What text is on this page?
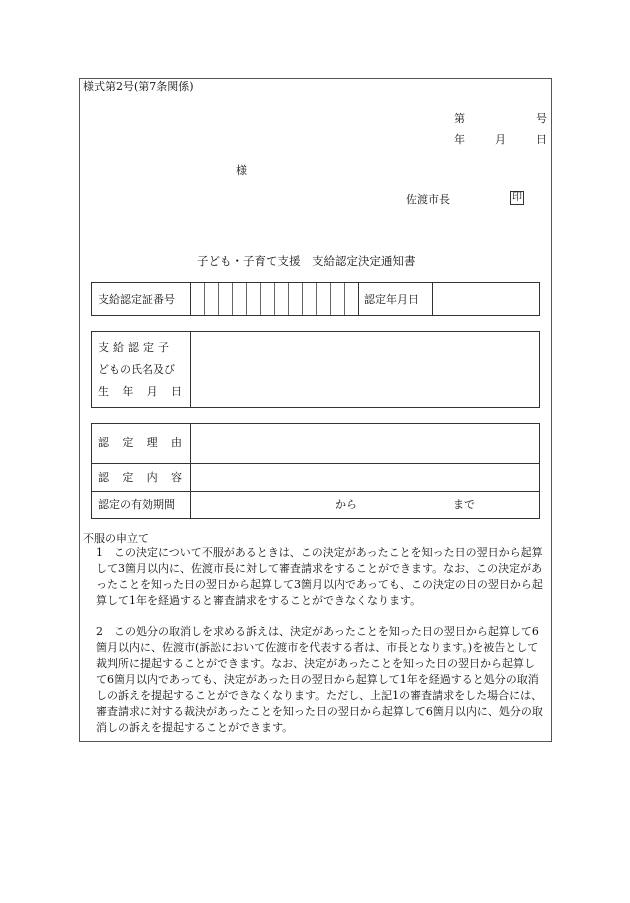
様式第2号(第7条関係)
第	号
年	月	日
様
佐渡市長	印
子ども・子育て支援　支給認定決定通知書
支給認定証番号	認定年月日
支給認定子
どもの氏名及び
生 年 月 日
認 定 理 由
認 定 内 容
認定の有効期間	から	まで
不服の申立て
1　この決定について不服があるときは、この決定があったことを知った日の翌日から起算して3箇月以内に、佐渡市長に対して審査請求をすることができます。なお、この決定があったことを知った日の翌日から起算して3箇月以内であっても、この決定の日の翌日から起算して1年を経過すると審査請求をすることができなくなります。
2　この処分の取消しを求める訴えは、決定があったことを知った日の翌日から起算して6箇月以内に、佐渡市(訴訟において佐渡市を代表する者は、市長となります。)を被告として裁判所に提起することができます。なお、決定があったことを知った日の翌日から起算して6箇月以内であっても、決定があった日の翌日から起算して1年を経過すると処分の取消しの訴えを提起することができなくなります。ただし、上記1の審査請求をした場合には、審査請求に対する裁決があったことを知った日の翌日から起算して6箇月以内に、処分の取消しの訴えを提起することができます。
